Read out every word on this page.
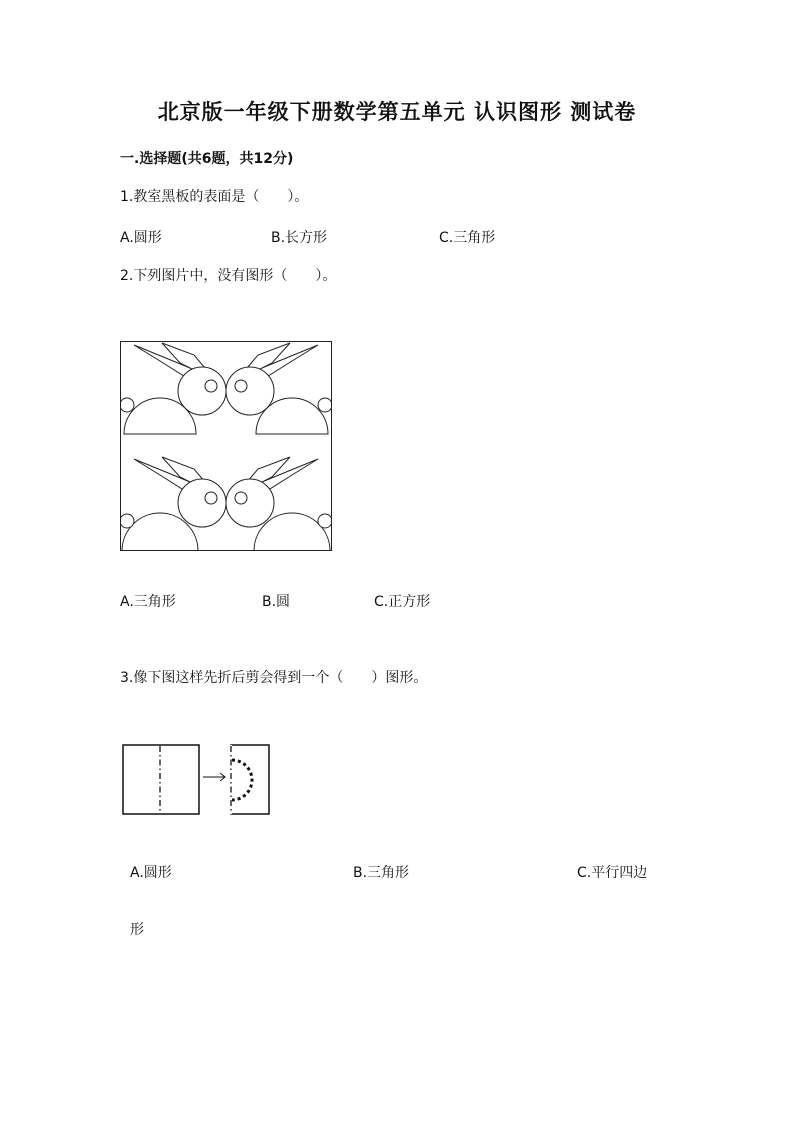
北京版一年级下册数学第五单元 认识图形 测试卷
一.选择题(共6题，共12分)
1.教室黑板的表面是（　　）。
A.圆形	B.长方形	C.三角形
2.下列图片中，没有图形（　　）。
A.三角形	B.圆	C.正方形
3.像下图这样先折后剪会得到一个（　　）图形。
A.圆形	B.三角形	C.平行四边
形
